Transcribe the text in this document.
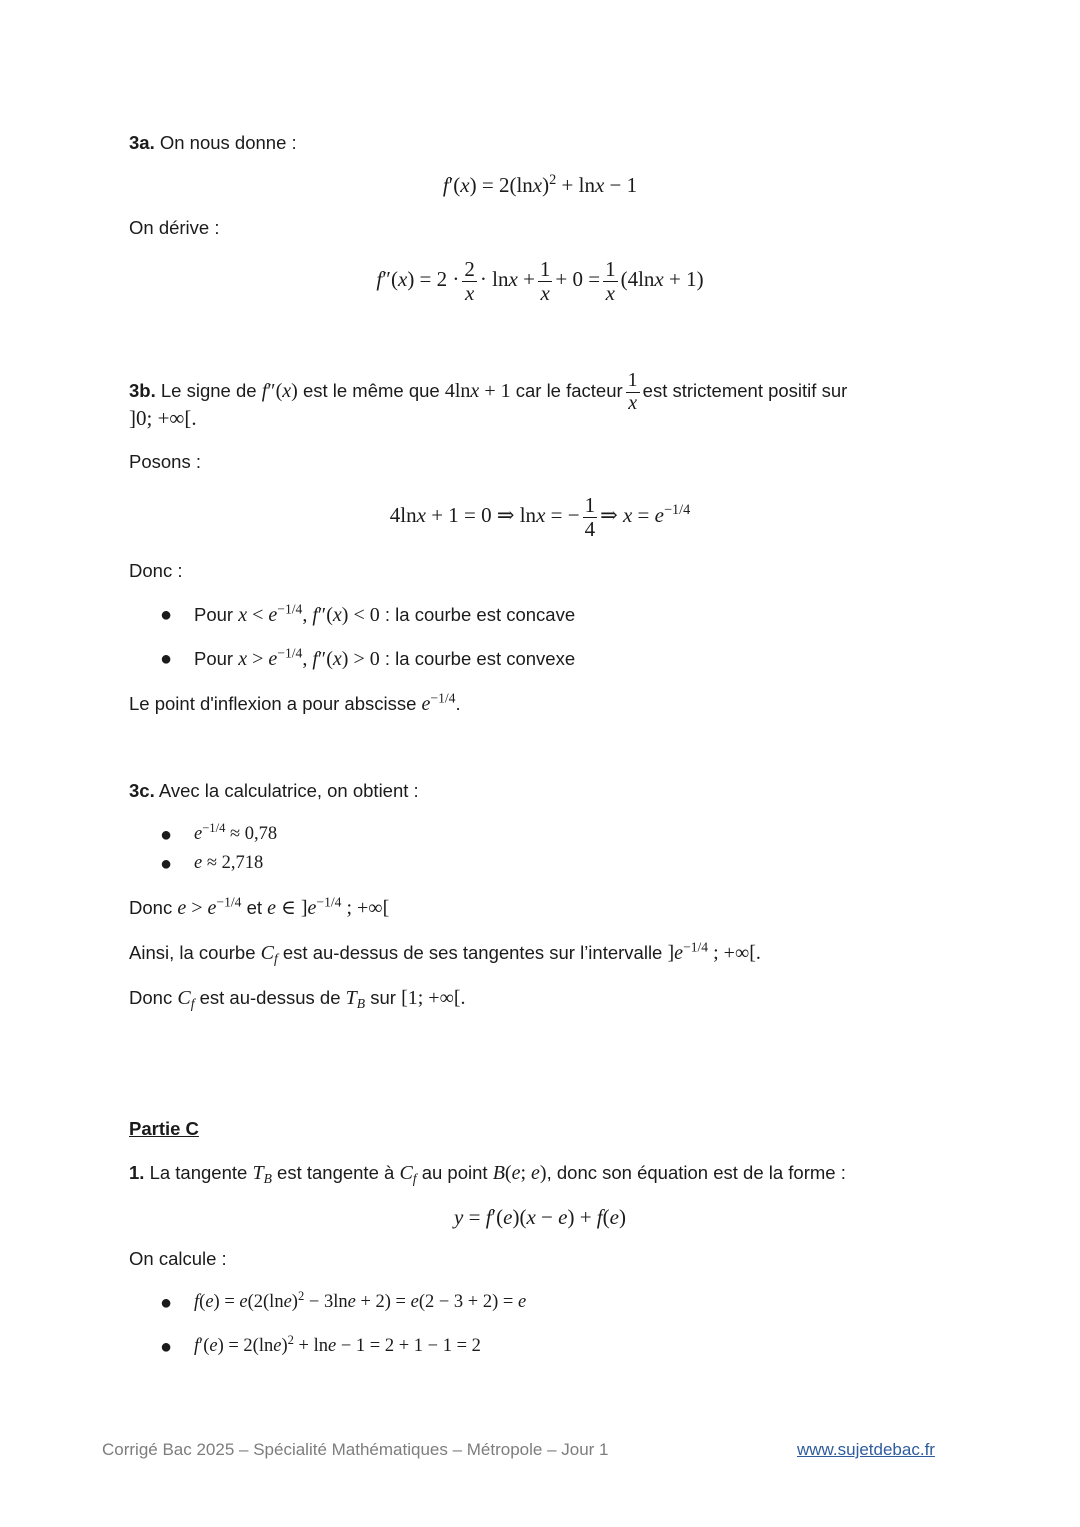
3a. On nous donne :
$f'(x) = 2(\ln x)^2 + \ln x - 1$
On dérive :
$f''(x) = 2 \cdot \frac{2}{x} \cdot \ln x + \frac{1}{x} + 0 = \frac{1}{x} (4\ln x + 1)$
3b. Le signe de f″(x) est le même que 4lnx + 1 car le facteur $\frac{1}{x}$ est strictement positif sur
]0; +∞[.
Posons :
4lnx + 1 = 0 ⇒ lnx = − $\frac{1}{4}$ ⇒ $x = e^{-1/4}$
Donc :
● Pour $x < e^{-1/4}$, f″(x) < 0 : la courbe est concave
● Pour $x > e^{-1/4}$, f″(x) > 0 : la courbe est convexe
Le point d'inflexion a pour abscisse $e^{-1/4}$.
3c. Avec la calculatrice, on obtient :
● $e^{-1/4} \approx 0,78$
● e ≈ 2,718
Donc $e > e^{-1/4}$ et e ∈ ]$e^{-1/4}$ ; +∞[
Ainsi, la courbe $C_f$ est au-dessus de ses tangentes sur l’intervalle ]$e^{-1/4}$ ; +∞[.
Donc $C_f$ est au-dessus de $T_B$ sur [1; +∞[.
Partie C
1. La tangente $T_B$ est tangente à $C_f$ au point B(e; e), donc son équation est de la forme :
y = f′(e)(x − e) + f(e)
On calcule :
● $f(e) = e(2(\ln e)^2 - 3\ln e + 2) = e(2 - 3 + 2) = e$
● $f'(e) = 2(\ln e)^2 + \ln e - 1 = 2 + 1 - 1 = 2$
Corrigé Bac 2025 – Spécialité Mathématiques – Métropole – Jour 1	www.sujetdebac.fr
